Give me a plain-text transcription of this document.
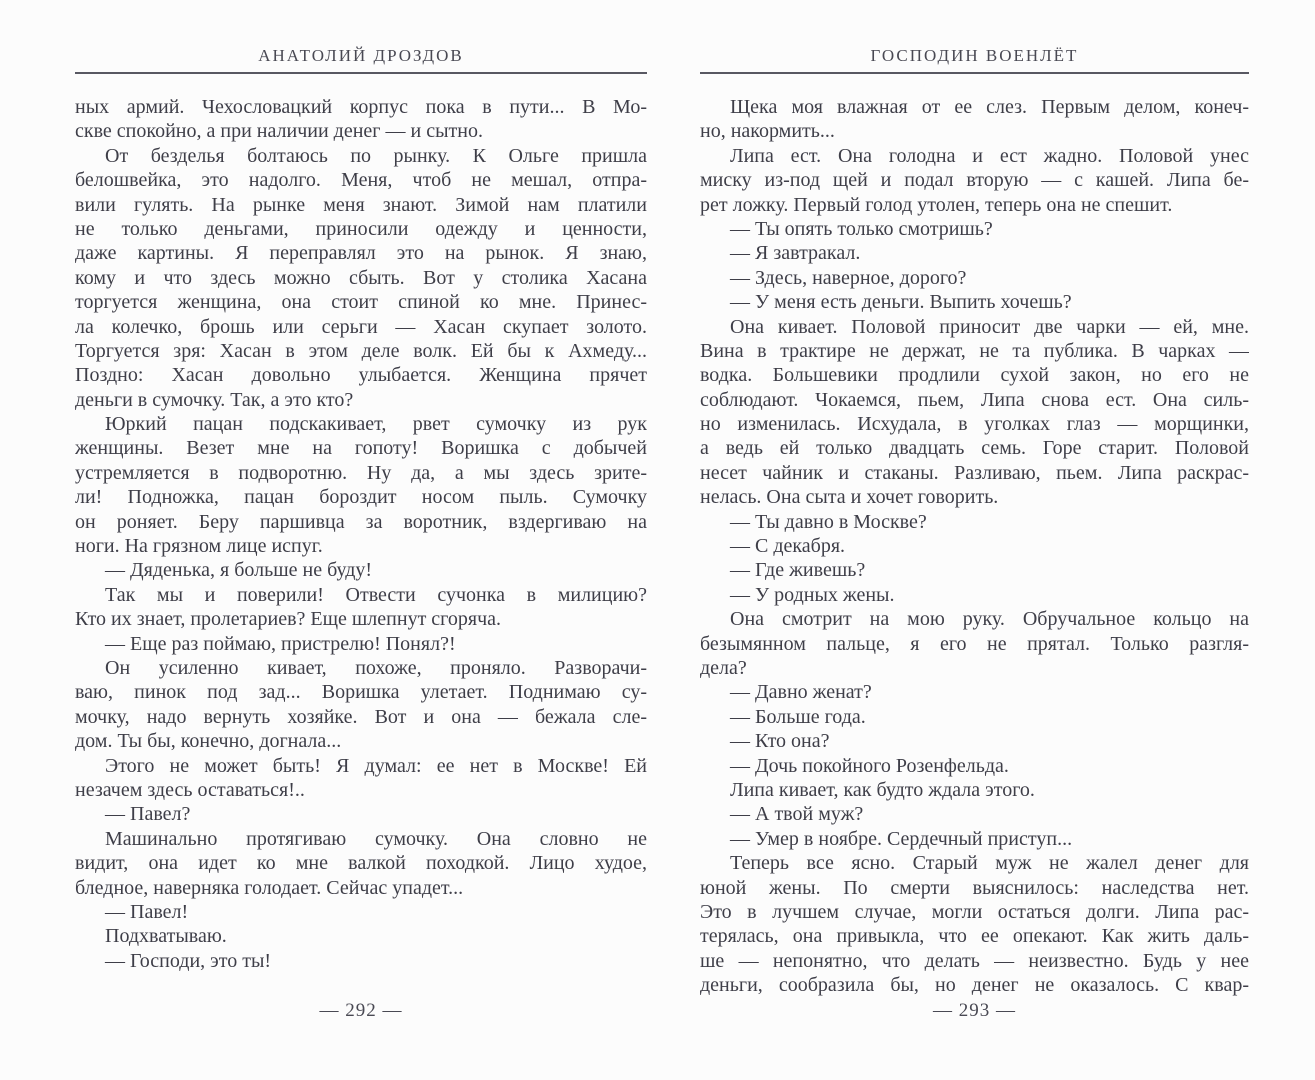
АНАТОЛИЙ ДРОЗДОВ
ных армий. Чехословацкий корпус пока в пути... В Мо-
скве спокойно, а при наличии денег — и сытно.
От безделья болтаюсь по рынку. К Ольге пришла
белошвейка, это надолго. Меня, чтоб не мешал, отпра-
вили гулять. На рынке меня знают. Зимой нам платили
не только деньгами, приносили одежду и ценности,
даже картины. Я переправлял это на рынок. Я знаю,
кому и что здесь можно сбыть. Вот у столика Хасана
торгуется женщина, она стоит спиной ко мне. Принес-
ла колечко, брошь или серьги — Хасан скупает золото.
Торгуется зря: Хасан в этом деле волк. Ей бы к Ахмеду...
Поздно: Хасан довольно улыбается. Женщина прячет
деньги в сумочку. Так, а это кто?
Юркий пацан подскакивает, рвет сумочку из рук
женщины. Везет мне на гопоту! Воришка с добычей
устремляется в подворотню. Ну да, а мы здесь зрите-
ли! Подножка, пацан бороздит носом пыль. Сумочку
он роняет. Беру паршивца за воротник, вздергиваю на
ноги. На грязном лице испуг.
— Дяденька, я больше не буду!
Так мы и поверили! Отвести сучонка в милицию?
Кто их знает, пролетариев? Еще шлепнут сгоряча.
— Еще раз поймаю, пристрелю! Понял?!
Он усиленно кивает, похоже, проняло. Разворачи-
ваю, пинок под зад... Воришка улетает. Поднимаю су-
мочку, надо вернуть хозяйке. Вот и она — бежала сле-
дом. Ты бы, конечно, догнала...
Этого не может быть! Я думал: ее нет в Москве! Ей
незачем здесь оставаться!..
— Павел?
Машинально протягиваю сумочку. Она словно не
видит, она идет ко мне валкой походкой. Лицо худое,
бледное, наверняка голодает. Сейчас упадет...
— Павел!
Подхватываю.
— Господи, это ты!
— 292 —
ГОСПОДИН ВОЕНЛЁТ
Щека моя влажная от ее слез. Первым делом, конеч-
но, накормить...
Липа ест. Она голодна и ест жадно. Половой унес
миску из-под щей и подал вторую — с кашей. Липа бе-
рет ложку. Первый голод утолен, теперь она не спешит.
— Ты опять только смотришь?
— Я завтракал.
— Здесь, наверное, дорого?
— У меня есть деньги. Выпить хочешь?
Она кивает. Половой приносит две чарки — ей, мне.
Вина в трактире не держат, не та публика. В чарках —
водка. Большевики продлили сухой закон, но его не
соблюдают. Чокаемся, пьем, Липа снова ест. Она силь-
но изменилась. Исхудала, в уголках глаз — морщинки,
а ведь ей только двадцать семь. Горе старит. Половой
несет чайник и стаканы. Разливаю, пьем. Липа раскрас-
нелась. Она сыта и хочет говорить.
— Ты давно в Москве?
— С декабря.
— Где живешь?
— У родных жены.
Она смотрит на мою руку. Обручальное кольцо на
безымянном пальце, я его не прятал. Только разгля-
дела?
— Давно женат?
— Больше года.
— Кто она?
— Дочь покойного Розенфельда.
Липа кивает, как будто ждала этого.
— А твой муж?
— Умер в ноябре. Сердечный приступ...
Теперь все ясно. Старый муж не жалел денег для
юной жены. По смерти выяснилось: наследства нет.
Это в лучшем случае, могли остаться долги. Липа рас-
терялась, она привыкла, что ее опекают. Как жить даль-
ше — непонятно, что делать — неизвестно. Будь у нее
деньги, сообразила бы, но денег не оказалось. С квар-
— 293 —
